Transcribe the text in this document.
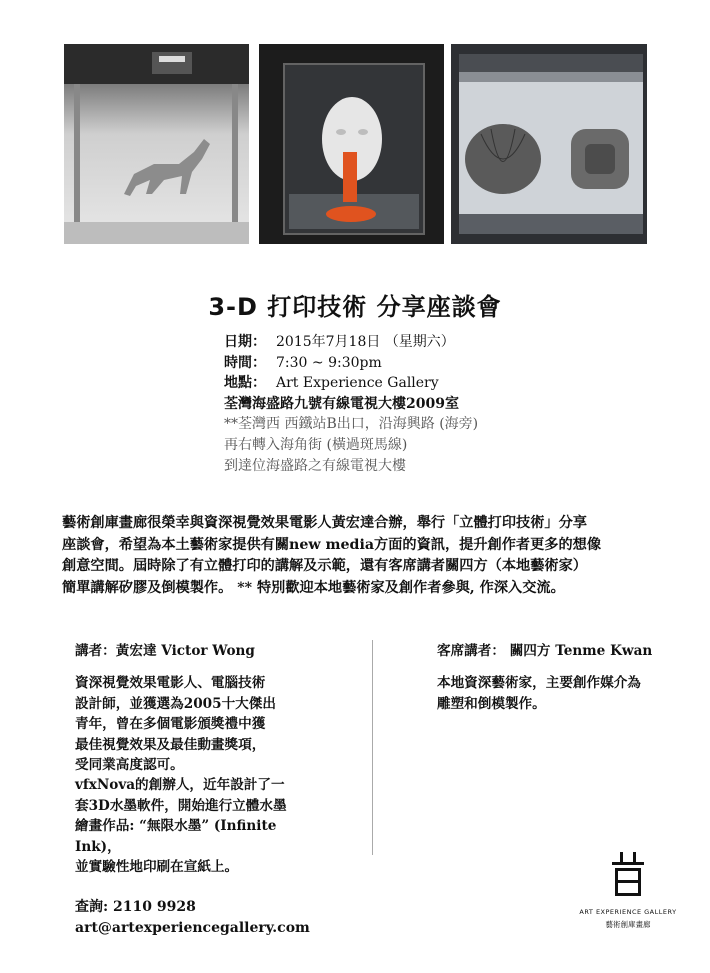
3-D 打印技術 分享座談會
日期： 2015年7月18日 （星期六）
時間： 7:30 ~ 9:30pm
地點： Art Experience Gallery
荃灣海盛路九號有線電視大樓2009室
**荃灣西 西鐵站B出口，沿海興路 (海旁)
再右轉入海角街 (橫過斑馬線)
到達位海盛路之有線電視大樓
藝術創庫畫廊很榮幸與資深視覺效果電影人黃宏達合辦，舉行「立體打印技術」分享
座談會，希望為本土藝術家提供有關new media方面的資訊，提升創作者更多的想像
創意空間。屆時除了有立體打印的講解及示範，還有客席講者關四方（本地藝術家）
簡單講解矽膠及倒模製作。 ** 特別歡迎本地藝術家及創作者參與, 作深入交流。
講者：黃宏達 Victor Wong	客席講者： 關四方 Tenme Kwan
資深視覺效果電影人、電腦技術
設計師，並獲選為2005十大傑出
青年，曾在多個電影頒獎禮中獲
最佳視覺效果及最佳動畫獎項，
受同業高度認可。
vfxNova的創辦人，近年設計了一
套3D水墨軟件，開始進行立體水墨
繪畫作品: “無限水墨” (Infinite Ink)，
並實驗性地印刷在宣紙上。
本地資深藝術家，主要創作媒介為
雕塑和倒模製作。
查詢: 2110 9928
art@artexperiencegallery.com
ART EXPERIENCE GALLERY
藝術創庫畫廊
